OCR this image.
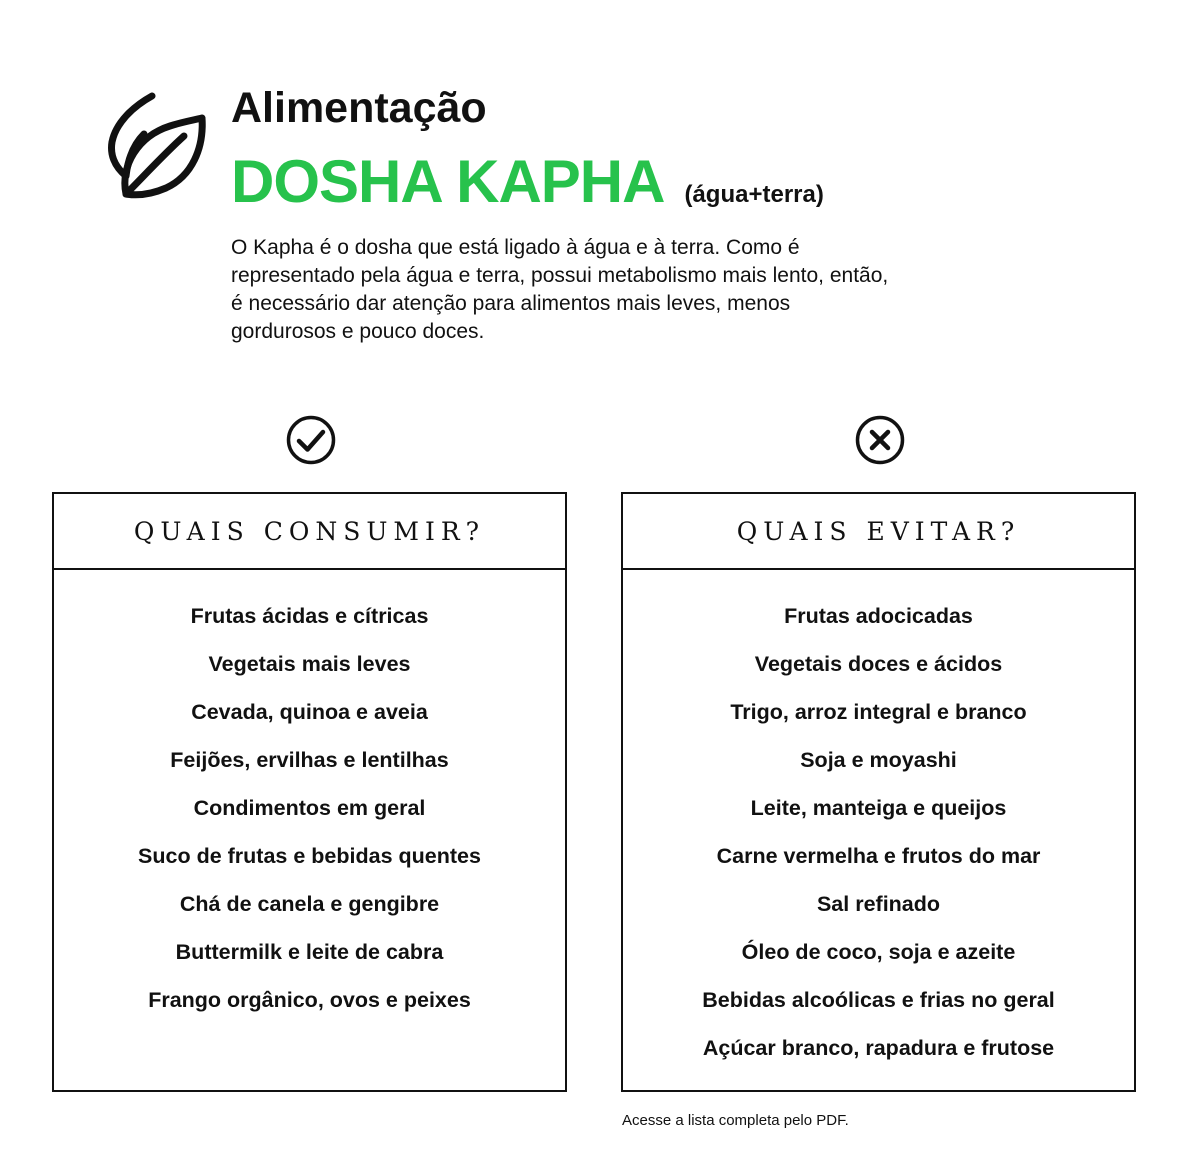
Alimentação
DOSHA KAPHA (água+terra)

O Kapha é o dosha que está ligado à água e à terra. Como é representado pela água e terra, possui metabolismo mais lento, então, é necessário dar atenção para alimentos mais leves, menos gordurosos e pouco doces.

QUAIS CONSUMIR?
Frutas ácidas e cítricas
Vegetais mais leves
Cevada, quinoa e aveia
Feijões, ervilhas e lentilhas
Condimentos em geral
Suco de frutas e bebidas quentes
Chá de canela e gengibre
Buttermilk e leite de cabra
Frango orgânico, ovos e peixes
QUAIS EVITAR?
Frutas adocicadas
Vegetais doces e ácidos
Trigo, arroz integral e branco
Soja e moyashi
Leite, manteiga e queijos
Carne vermelha e frutos do mar
Sal refinado
Óleo de coco, soja e azeite
Bebidas alcoólicas e frias no geral
Açúcar branco, rapadura e frutose

Acesse a lista completa pelo PDF.
